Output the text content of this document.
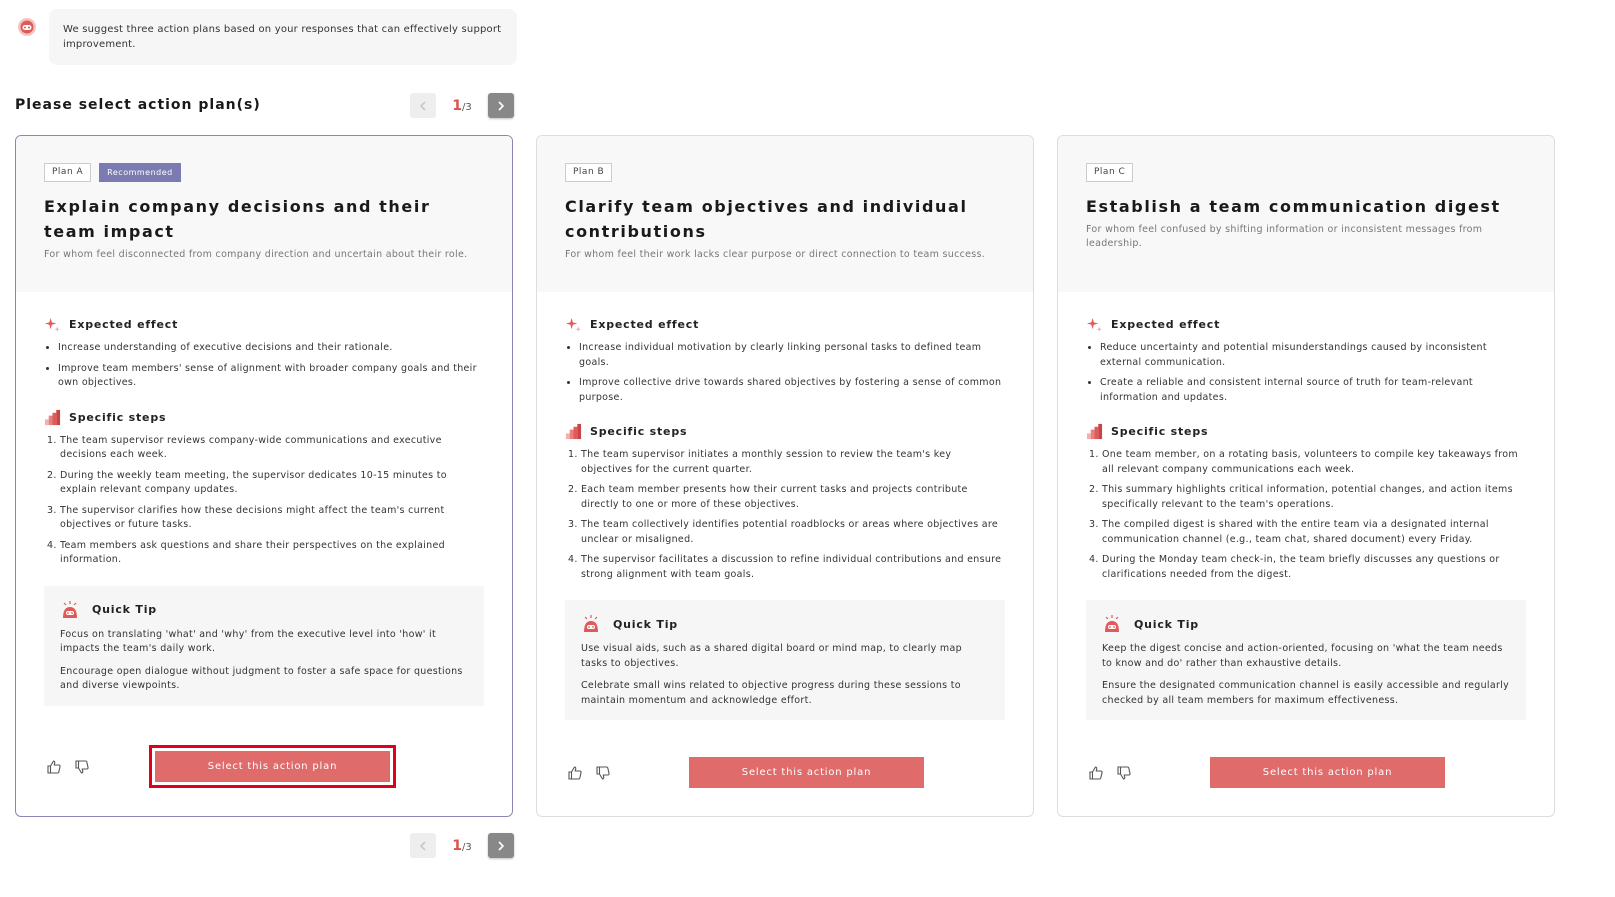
We suggest three action plans based on your responses that can effectively support improvement.
Please select action plan(s)	1/3
Plan A	Recommended
Explain company decisions and their team impact
For whom feel disconnected from company direction and uncertain about their role.
Expected effect
• Increase understanding of executive decisions and their rationale.
• Improve team members' sense of alignment with broader company goals and their own objectives.
Specific steps
1. The team supervisor reviews company-wide communications and executive decisions each week.
2. During the weekly team meeting, the supervisor dedicates 10-15 minutes to explain relevant company updates.
3. The supervisor clarifies how these decisions might affect the team's current objectives or future tasks.
4. Team members ask questions and share their perspectives on the explained information.
Quick Tip

Focus on translating 'what' and 'why' from the executive level into 'how' it impacts the team's daily work.

Encourage open dialogue without judgment to foster a safe space for questions and diverse viewpoints.

Select this action plan
Plan B
Clarify team objectives and individual contributions
For whom feel their work lacks clear purpose or direct connection to team success.
Expected effect
• Increase individual motivation by clearly linking personal tasks to defined team goals.
• Improve collective drive towards shared objectives by fostering a sense of common purpose.
Specific steps
1. The team supervisor initiates a monthly session to review the team's key objectives for the current quarter.
2. Each team member presents how their current tasks and projects contribute directly to one or more of these objectives.
3. The team collectively identifies potential roadblocks or areas where objectives are unclear or misaligned.
4. The supervisor facilitates a discussion to refine individual contributions and ensure strong alignment with team goals.
Quick Tip

Use visual aids, such as a shared digital board or mind map, to clearly map tasks to objectives.

Celebrate small wins related to objective progress during these sessions to maintain momentum and acknowledge effort.

Select this action plan
Plan C
Establish a team communication digest
For whom feel confused by shifting information or inconsistent messages from leadership.
Expected effect
• Reduce uncertainty and potential misunderstandings caused by inconsistent external communication.
• Create a reliable and consistent internal source of truth for team-relevant information and updates.
Specific steps
1. One team member, on a rotating basis, volunteers to compile key takeaways from all relevant company communications each week.
2. This summary highlights critical information, potential changes, and action items specifically relevant to the team's operations.
3. The compiled digest is shared with the entire team via a designated internal communication channel (e.g., team chat, shared document) every Friday.
4. During the Monday team check-in, the team briefly discusses any questions or clarifications needed from the digest.
Quick Tip

Keep the digest concise and action-oriented, focusing on 'what the team needs to know and do' rather than exhaustive details.

Ensure the designated communication channel is easily accessible and regularly checked by all team members for maximum effectiveness.

Select this action plan
1/3
